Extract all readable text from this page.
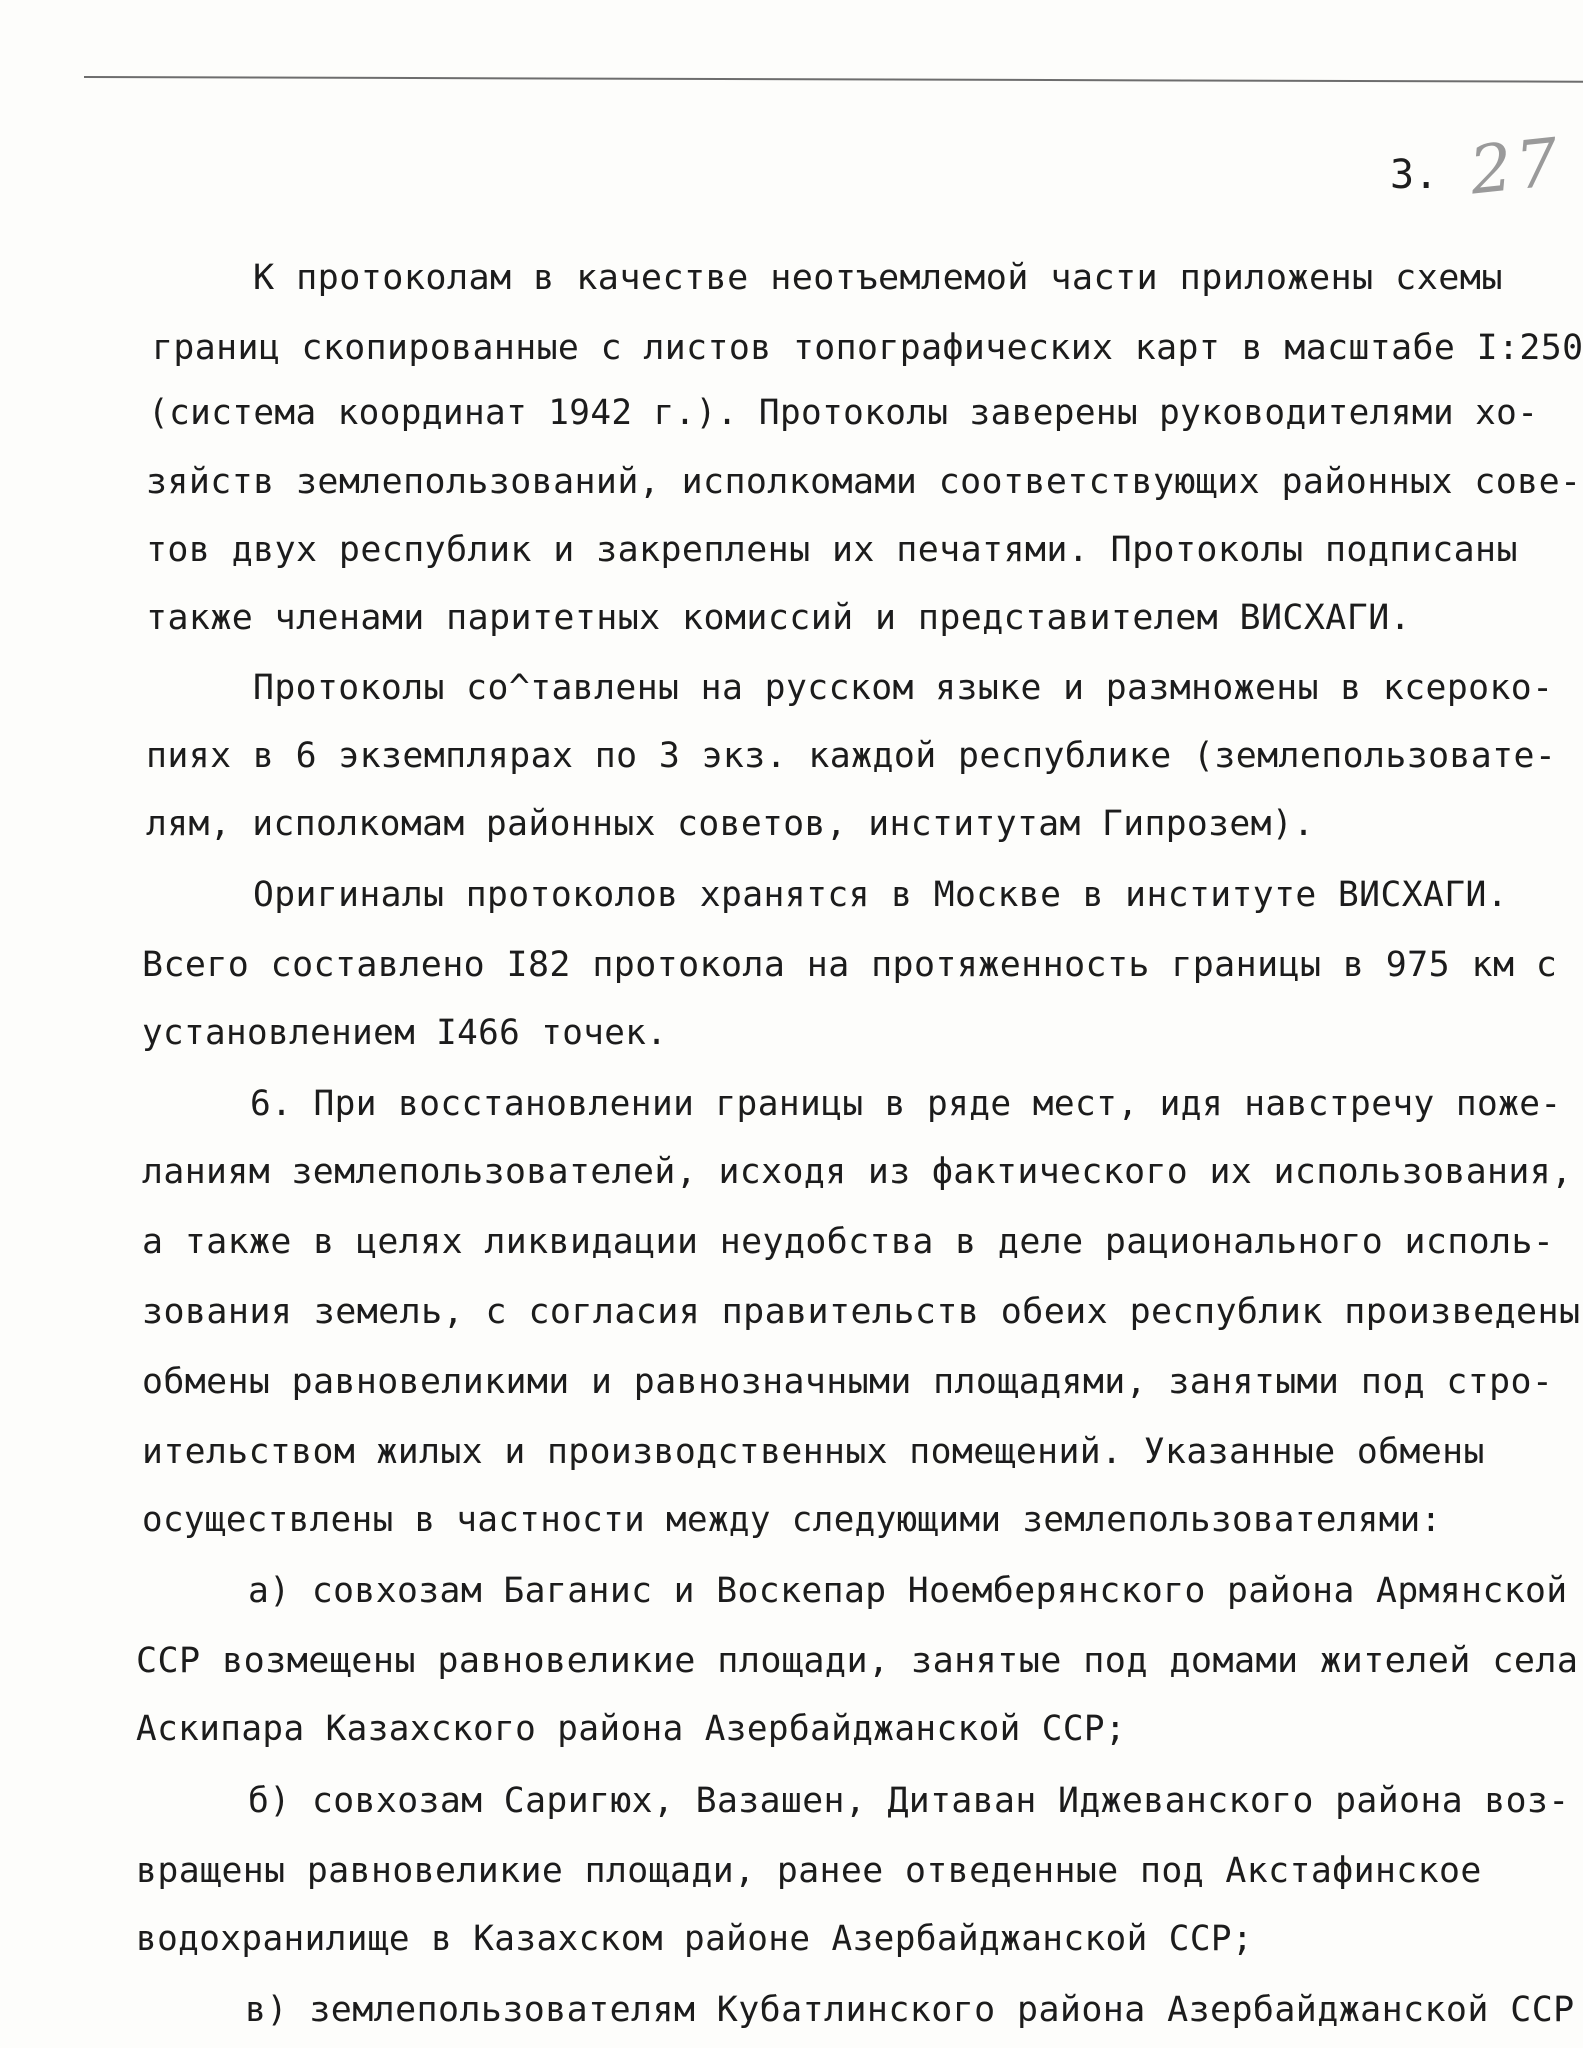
3. 27
К протоколам в качестве неотъемлемой части приложены схемы
границ скопированные с листов топографических карт в масштабе I:250
(система координат 1942 г.). Протоколы заверены руководителями хо-
зяйств землепользований, исполкомами соответствующих районных сове-
тов двух республик и закреплены их печатями. Протоколы подписаны
также членами паритетных комиссий и представителем ВИСХАГИ.
Протоколы со^тавлены на русском языке и размножены в ксероко-
пиях в 6 экземплярах по 3 экз. каждой республике (землепользовате-
лям, исполкомам районных советов, институтам Гипрозем).
Оригиналы протоколов хранятся в Москве в институте ВИСХАГИ.
Всего составлено I82 протокола на протяженность границы в 975 км с
установлением I466 точек.
6. При восстановлении границы в ряде мест, идя навстречу поже-
ланиям землепользователей, исходя из фактического их использования,
а также в целях ликвидации неудобства в деле рационального исполь-
зования земель, с согласия правительств обеих республик произведены
обмены равновеликими и равнозначными площадями, занятыми под стро-
ительством жилых и производственных помещений. Указанные обмены
осуществлены в частности между следующими землепользователями:
а) совхозам Баганис и Воскепар Ноемберянского района Армянской
ССР возмещены равновеликие площади, занятые под домами жителей села
Аскипара Казахского района Азербайджанской ССР;
б) совхозам Саригюх, Вазашен, Дитаван Иджеванского района воз-
вращены равновеликие площади, ранее отведенные под Акстафинское
водохранилище в Казахском районе Азербайджанской ССР;
в) землепользователям Кубатлинского района Азербайджанской ССР
